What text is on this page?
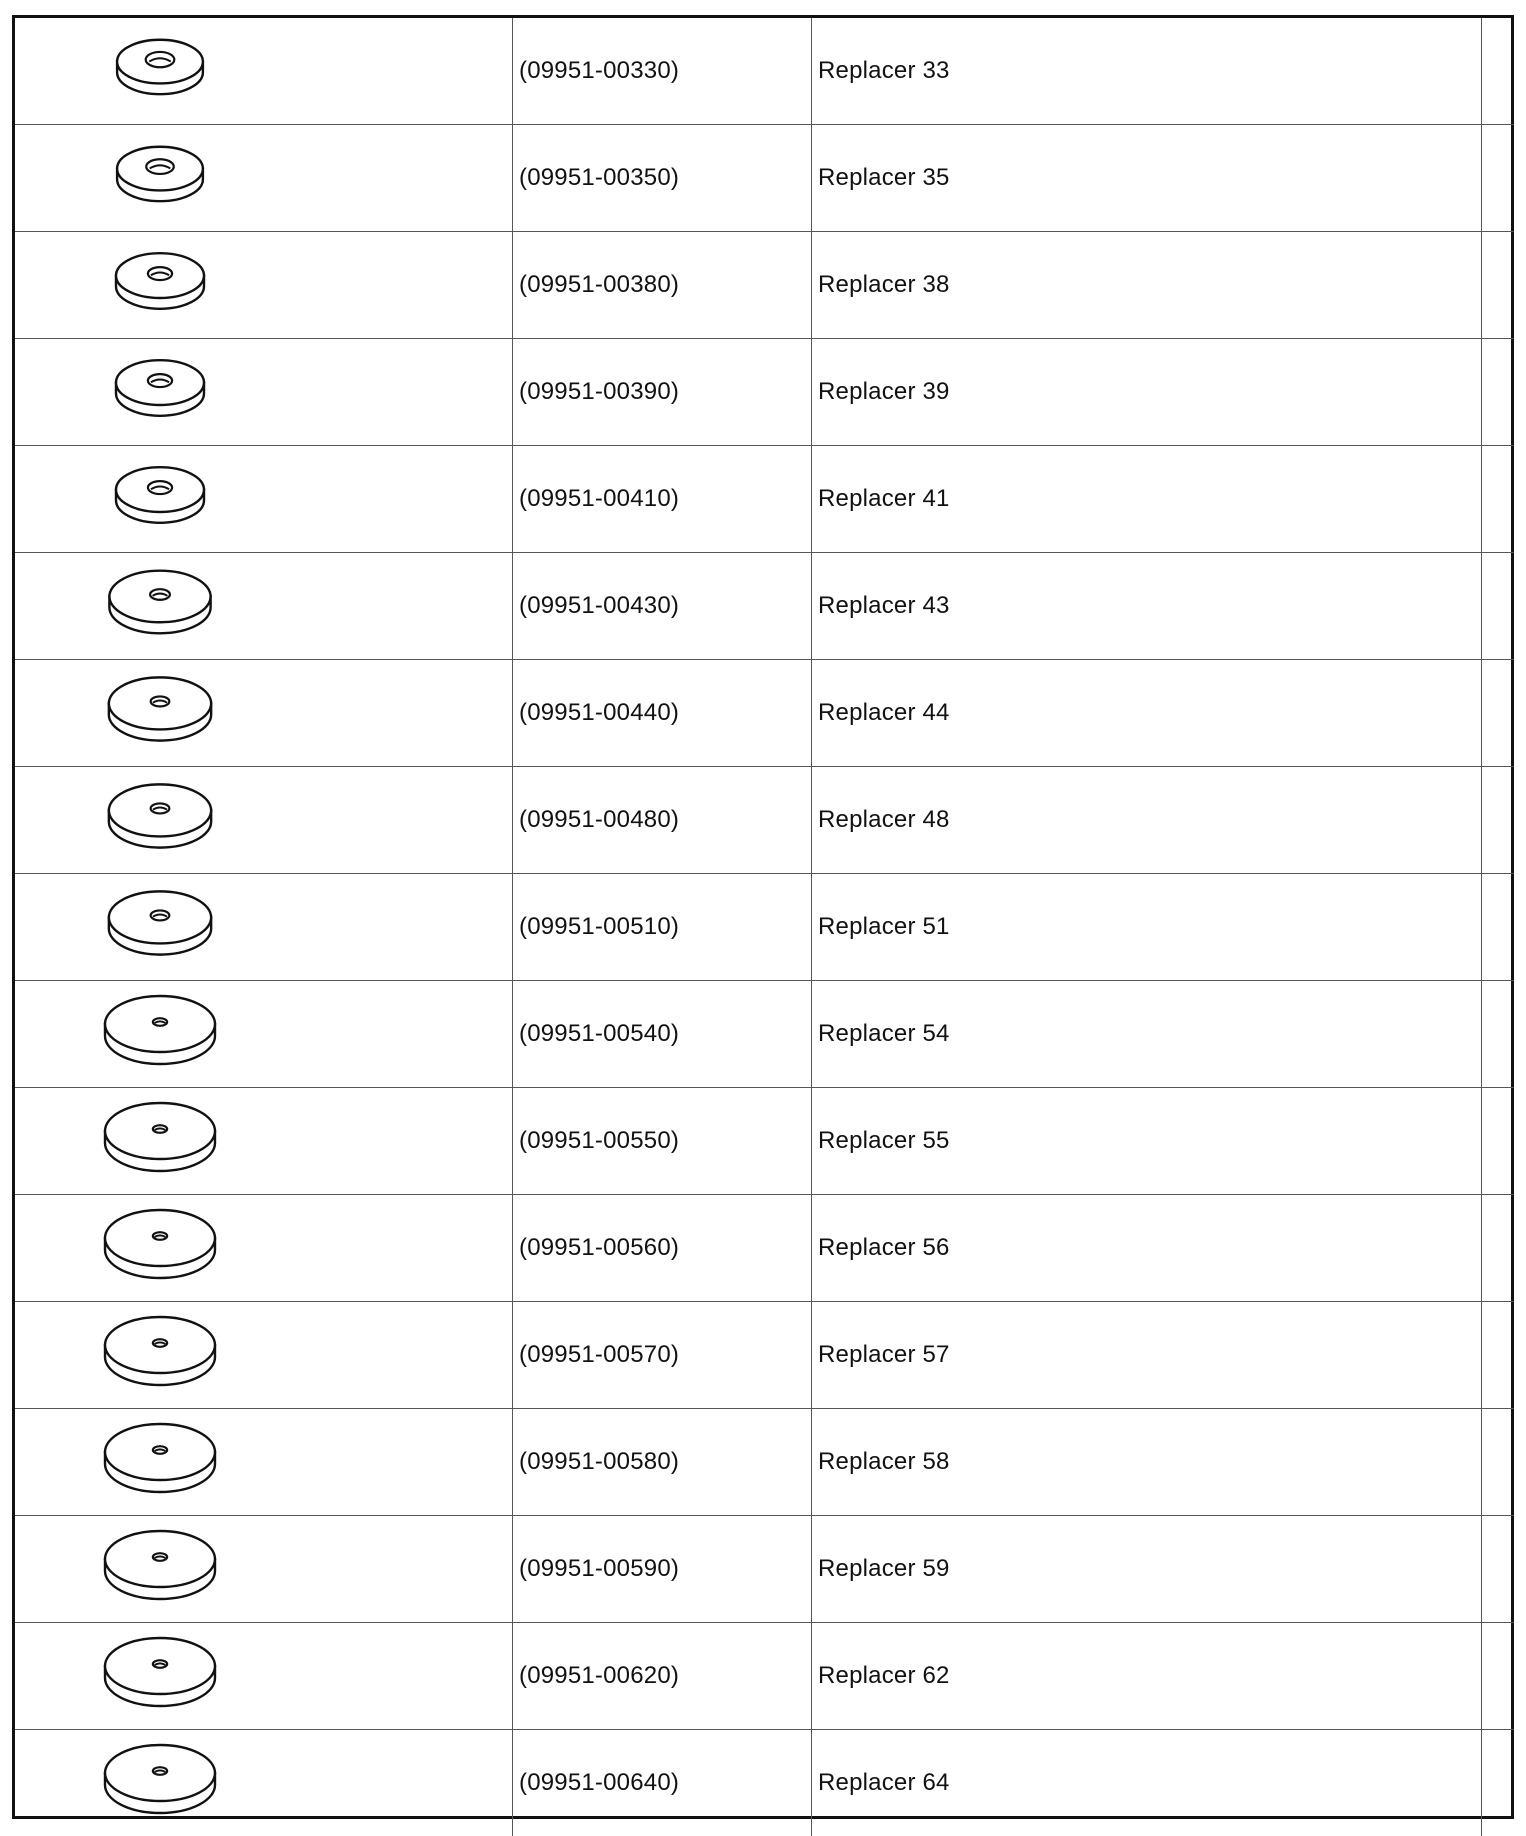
	(09951-00330)	Replacer 33	

	(09951-00350)	Replacer 35	

	(09951-00380)	Replacer 38	

	(09951-00390)	Replacer 39	

	(09951-00410)	Replacer 41	

	(09951-00430)	Replacer 43	

	(09951-00440)	Replacer 44	

	(09951-00480)	Replacer 48	

	(09951-00510)	Replacer 51	

	(09951-00540)	Replacer 54	

	(09951-00550)	Replacer 55	

	(09951-00560)	Replacer 56	

	(09951-00570)	Replacer 57	

	(09951-00580)	Replacer 58	

	(09951-00590)	Replacer 59	

	(09951-00620)	Replacer 62	

	(09951-00640)	Replacer 64	
